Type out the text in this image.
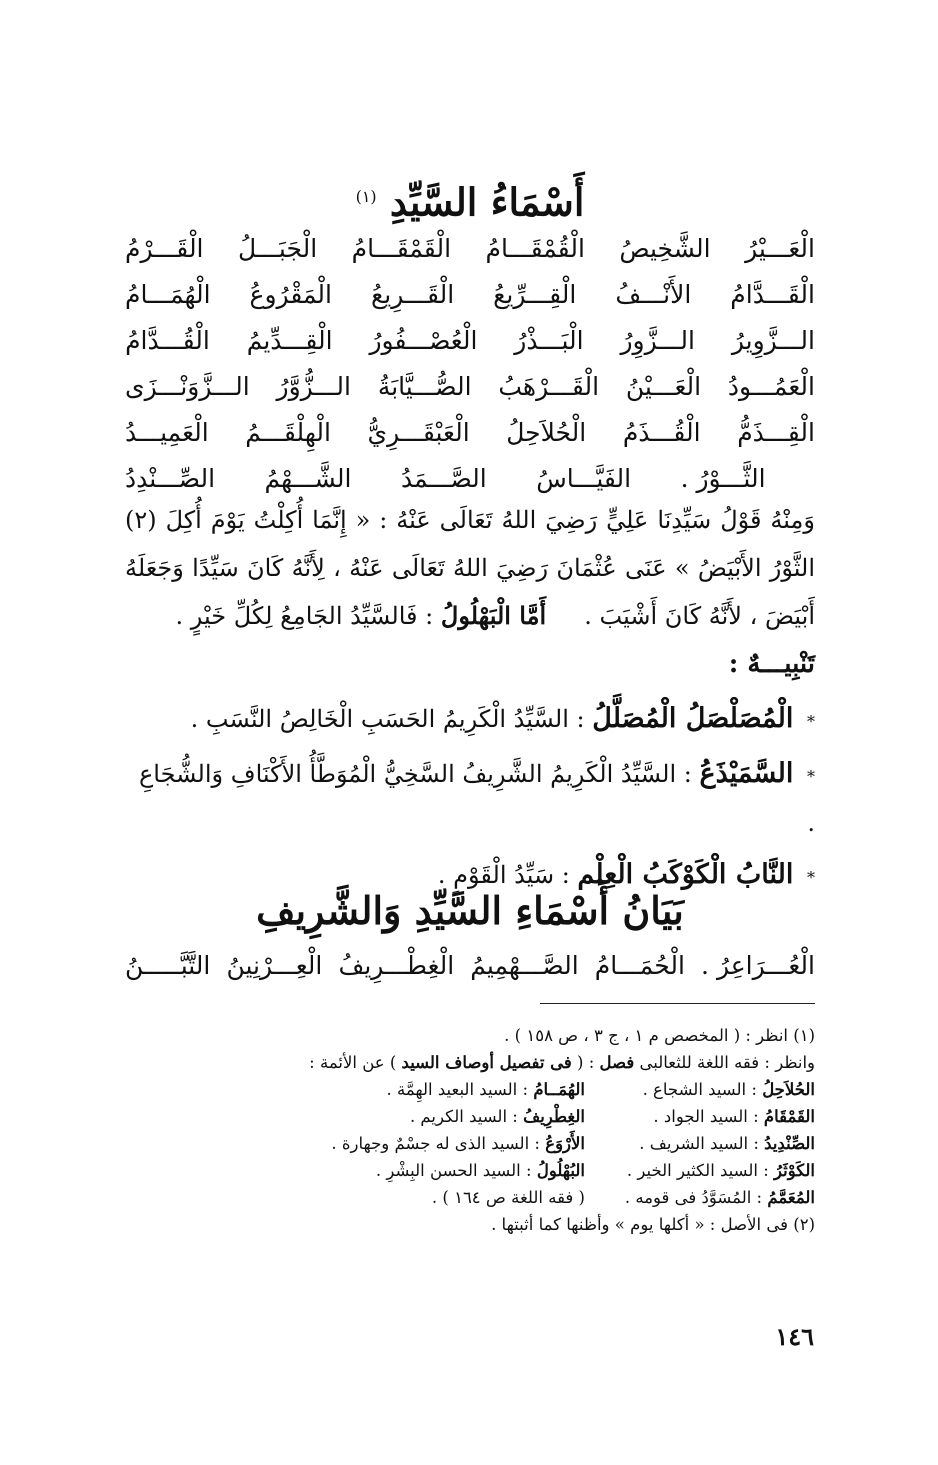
أَسْمَاءُ السَّيِّدِ $^{(١)}$
الْقَـــرْمُ الْجَبَـــلُ الْقَمْقَـــامُ الْقُمْقَـــامُ الشَّخِيصُ الْعَـــيْرُ
الْهُمَـــامُ الْمَقْرُوعُ الْقَـــرِيعُ الْقِـــرِّيعُ الأَنْـــفُ الْقَـــدَّامُ
الْقُـــدَّامُ الْقِـــدِّيمُ الْعُصْـــفُورُ الْبَـــذْرُ الـــزَّوِرُ الـــزَّوِيرُ
الـــزَّوَنْـــزَى الـــزُّوَّرُ الصُّـــيَّابَةُ الْقَـــرْهَبُ الْعَـــيْنُ الْعَمُـــودُ
الْعَمِيـــدُ الْهِلْقَـــمُ الْعَبْقَـــرِيُّ الْحُلاَحِلُ الْقُـــذَمُ الْقِـــذَمُّ
الصِّـــنْدِدُ الشَّـــهْمُ الصَّـــمَدُ الفَيَّـــاسُ الثَّـــوْرُ .
وَمِنْهُ قَوْلُ سَيِّدِنَا عَلِيٍّ رَضِيَ اللهُ تَعَالَى عَنْهُ : « إِنَّمَا أُكِلْتُ يَوْمَ أُكِلَ (٢) الثَّوْرُ الأَبْيَضُ » عَنَى عُثْمَانَ رَضِيَ اللهُ تَعَالَى عَنْهُ ، لِأَنَّهُ كَانَ سَيِّدًا وَجَعَلَهُ أَبْيَضَ ، لأَنَّهُ كَانَ أَشْيَبَ .     أَمَّا الْبَهْلُولُ : فَالسَّيِّدُ الجَامِعُ لِكُلِّ خَيْرٍ .
تَنْبِيـــهٌ :
* الْمُصَلْصَلُ الْمُصَلَّلُ : السَّيِّدُ الْكَرِيمُ الحَسَبِ الْخَالِصُ النَّسَبِ .
* السَّمَيْذَعُ : السَّيِّدُ الْكَرِيمُ الشَّرِيفُ السَّخِيُّ الْمُوَطَّأُ الأَكْنَافِ وَالشُّجَاعِ .
* النَّابُ الْكَوْكَبُ الْعِلْم : سَيِّدُ الْقَوْمِ .
بَيَانُ أَسْمَاءِ السَّيِّدِ وَالشَّرِيفِ
التَّبَّـــــنُ الْعِـــرْنِينُ الْغِطْـــرِيفُ الصَّـــهْمِيمُ الْحُمَـــامُ الْعُـــرَاعِرُ .
(١) انظر : ( المخصص م ١ ، ج ٣ ، ص ١٥٨ ) .
وانظر : فقه اللغة للثعالبى فصل : ( فى تفصيل أوصاف السيد ) عن الأئمة :
الحُلاَحِلُ : السيد الشجاع .
الهُمَــامُ : السيد البعيد الهِمَّة .
القَمْقَامُ : السيد الجواد .
الغِطْرِيفُ : السيد الكريم .
الصِّنْدِيدُ : السيد الشريف .
الأَرْوَعُ : السيد الذى له جسْمٌ وجهارة .
الكَوْثَرُ : السيد الكثير الخير .
البُهْلُولُ : السيد الحسن البِشْرِ .
المُعَمَّمُ : المُسَوَّدُ فى قومه .
( فقه اللغة ص ١٦٤ ) .
(٢) فى الأصل : « أكلها يوم » وأظنها كما أثبتها .
١٤٦
